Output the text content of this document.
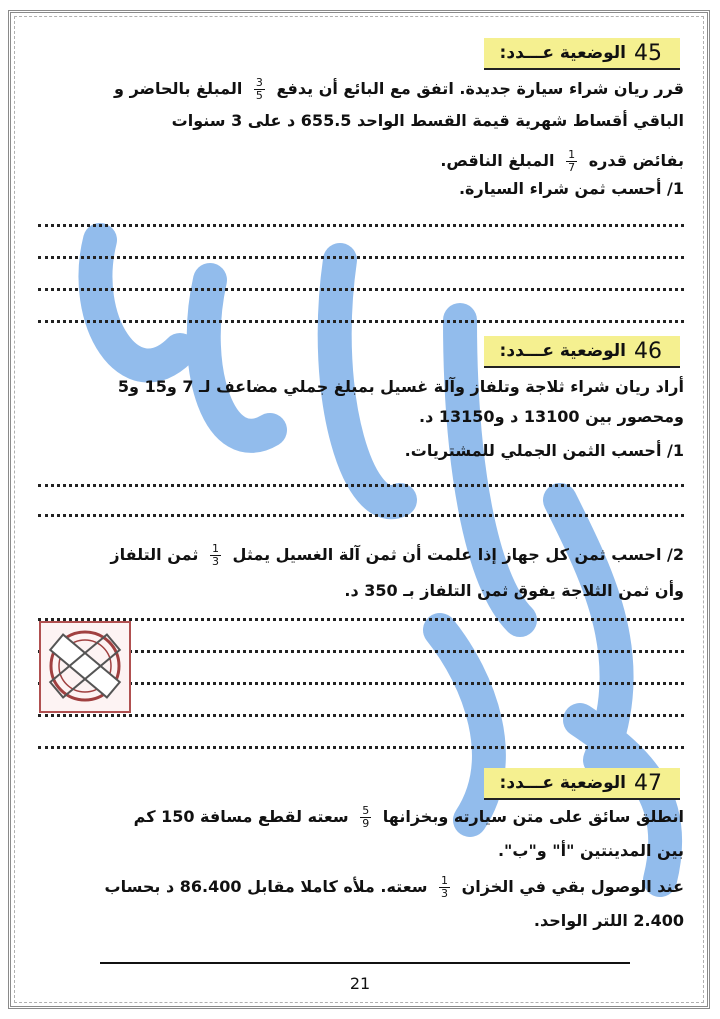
الوضعية عـــدد: 45
قرر ريان شراء سيارة جديدة. اتفق مع البائع أن يدفع
$\frac{3}{5}$
المبلغ بالحاضر و
الباقي أقساط شهرية قيمة القسط الواحد 655.5 د على 3 سنوات
بفائض قدره
$\frac{1}{7}$
المبلغ الناقص.
1/ أحسب ثمن شراء السيارة.
الوضعية عـــدد: 46
أراد ريان شراء ثلاجة وتلفاز وآلة غسيل بمبلغ جملي مضاعف لـ 7 و15 و5
ومحصور بين 13100 د و13150 د.
1/ أحسب الثمن الجملي للمشتريات.
2/ احسب ثمن كل جهاز إذا علمت أن ثمن آلة الغسيل يمثل
$\frac{1}{3}$
ثمن التلفاز
وأن ثمن الثلاجة يفوق ثمن التلفاز بـ 350 د.
الوضعية عـــدد: 47
انطلق سائق على متن سيارته وبخزانها
$\frac{5}{9}$
سعته لقطع مسافة 150 كم
بين المدينتين "أ" و"ب".
عند الوصول بقي في الخزان
$\frac{1}{3}$
سعته. ملأه كاملا مقابل 86.400 د بحساب
2.400 اللتر الواحد.
21
